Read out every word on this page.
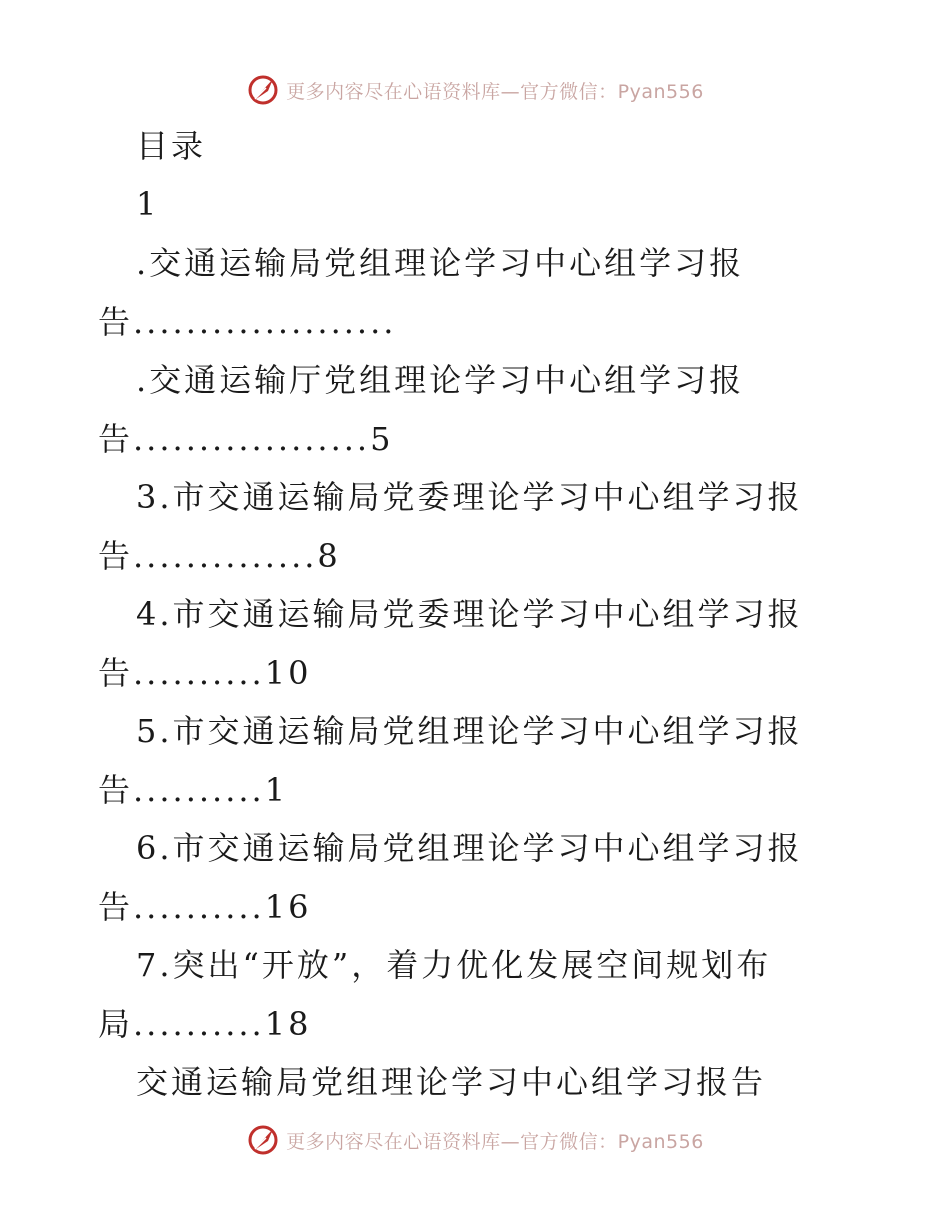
更多内容尽在心语资料库—官方微信：Pyan556
目录
1
.交通运输局党组理论学习中心组学习报
告....................
.交通运输厅党组理论学习中心组学习报
告..................5
3.市交通运输局党委理论学习中心组学习报
告..............8
4.市交通运输局党委理论学习中心组学习报
告..........10
5.市交通运输局党组理论学习中心组学习报
告..........1
6.市交通运输局党组理论学习中心组学习报
告..........16
7.突出“开放”，着力优化发展空间规划布
局..........18
交通运输局党组理论学习中心组学习报告
更多内容尽在心语资料库—官方微信：Pyan556
